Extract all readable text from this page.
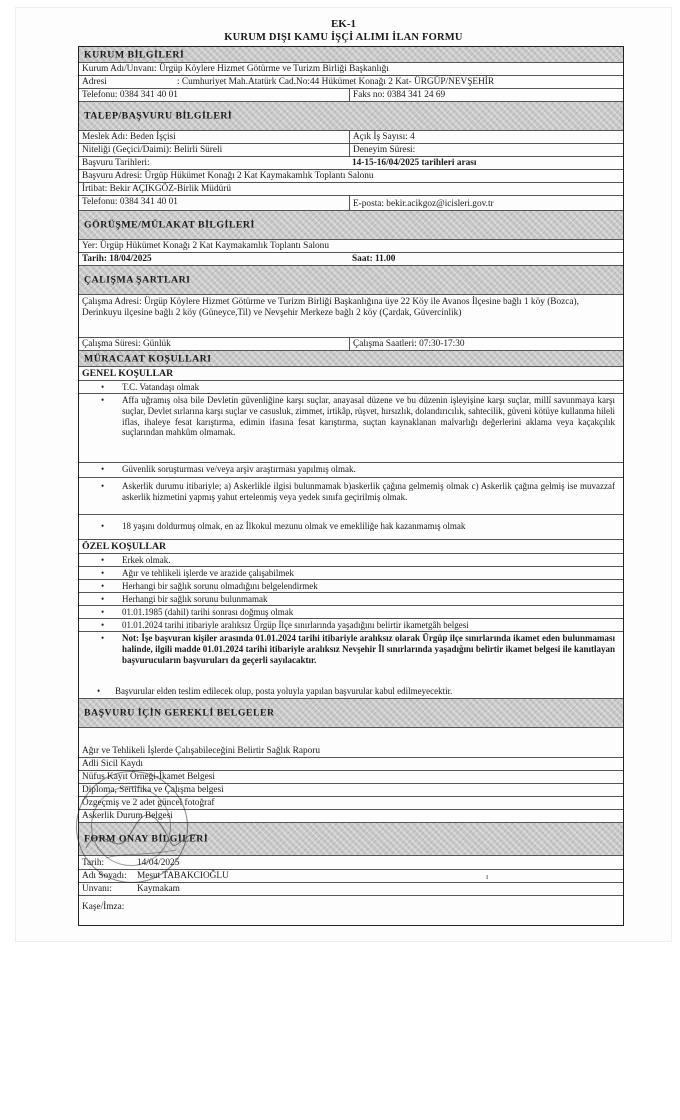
EK-1
KURUM DIŞI KAMU İŞÇİ ALIMI İLAN FORMU
KURUM BİLGİLERİ
Kurum Adı/Unvanı: Ürgüp Köylere Hizmet Götürme ve Turizm Birliği Başkanlığı
Adresi	: Cumhuriyet Mah.Atatürk Cad.No:44 Hükümet Konağı 2 Kat- ÜRGÜP/NEVŞEHİR
Telefonu: 0384 341 40 01	Faks no: 0384 341 24 69
TALEP/BAŞVURU BİLGİLERİ
Meslek Adı: Beden İşçisi	Açık İş Sayısı: 4
Niteliği (Geçici/Daimi): Belirli Süreli	Deneyim Süresi:
Başvuru Tarihleri:	14-15-16/04/2025 tarihleri arası
Başvuru Adresi: Ürgüp Hükümet Konağı 2 Kat Kaymakamlık Toplantı Salonu
İrtibat: Bekir AÇIKGÖZ-Birlik Müdürü
Telefonu: 0384 341 40 01	E-posta: bekir.acikgoz@icisleri.gov.tr
GÖRÜŞME/MÜLAKAT BİLGİLERİ
Yer: Ürgüp Hükümet Konağı 2 Kat Kaymakamlık Toplantı Salonu
Tarih: 18/04/2025	Saat: 11.00
ÇALIŞMA ŞARTLARI
Çalışma Adresi: Ürgüp Köylere Hizmet Götürme ve Turizm Birliği Başkanlığına üye 22 Köy ile Avanos İlçesine bağlı 1 köy (Bozca), Derinkuyu ilçesine bağlı 2 köy (Güneyce,Til) ve Nevşehir Merkeze bağlı 2 köy (Çardak, Güvercinlik)
Çalışma Süresi: Günlük	Çalışma Saatleri: 07:30-17:30
MÜRACAAT KOŞULLARI
GENEL KOŞULLAR
• T.C. Vatandaşı olmak
• Affa uğramış olsa bile Devletin güvenliğine karşı suçlar, anayasal düzene ve bu düzenin işleyişine karşı suçlar, millî savunmaya karşı suçlar, Devlet sırlarına karşı suçlar ve casusluk, zimmet, irtikâp, rüşvet, hırsızlık, dolandırıcılık, sahtecilik, güveni kötüye kullanma hileli iflas, ihaleye fesat karıştırma, edimin ifasına fesat karıştırma, suçtan kaynaklanan malvarlığı değerlerini aklama veya kaçakçılık suçlarından mahkûm olmamak.
• Güvenlik soruşturması ve/veya arşiv araştırması yapılmış olmak.
• Askerlik durumu itibariyle; a) Askerlikle ilgisi bulunmamak b)askerlik çağına gelmemiş olmak c) Askerlik çağına gelmiş ise muvazzaf askerlik hizmetini yapmış yahut ertelenmiş veya yedek sınıfa geçirilmiş olmak.
• 18 yaşını doldurmuş olmak, en az İlkokul mezunu olmak ve emekliliğe hak kazanmamış olmak
ÖZEL KOŞULLAR
• Erkek olmak.
• Ağır ve tehlikeli işlerde ve arazide çalışabilmek
• Herhangi bir sağlık sorunu olmadığını belgelendirmek
• Herhangi bir sağlık sorunu bulunmamak
• 01.01.1985 (dahil) tarihi sonrası doğmuş olmak
• 01.01.2024 tarihi itibariyle aralıksız Ürgüp İlçe sınırlarında yaşadığını belirtir ikametgâh belgesi
• Not: İşe başvuran kişiler arasında 01.01.2024 tarihi itibariyle aralıksız olarak Ürgüp ilçe sınırlarında ikamet eden bulunmaması halinde, ilgili madde 01.01.2024 tarihi itibariyle aralıksız Nevşehir İl sınırlarında yaşadığını belirtir ikamet belgesi ile kanıtlayan başvurucuların başvuruları da geçerli sayılacaktır.
• Başvurular elden teslim edilecek olup, posta yoluyla yapılan başvurular kabul edilmeyecektir.
BAŞVURU İÇİN GEREKLİ BELGELER
Ağır ve Tehlikeli İşlerde Çalışabileceğini Belirtir Sağlık Raporu
Adli Sicil Kaydı
Nüfus Kayıt Örneği-İkamet Belgesi
Diploma, Sertifika ve Çalışma belgesi
Özgeçmiş ve 2 adet güncel fotoğraf
Askerlik Durum Belgesi
FORM ONAY BİLGİLERİ
Tarih:	14/04/2025
Adı Soyadı:	Mesut TABAKCIOĞLU
Unvanı:	Kaymakam
Kaşe/İmza:
ı
